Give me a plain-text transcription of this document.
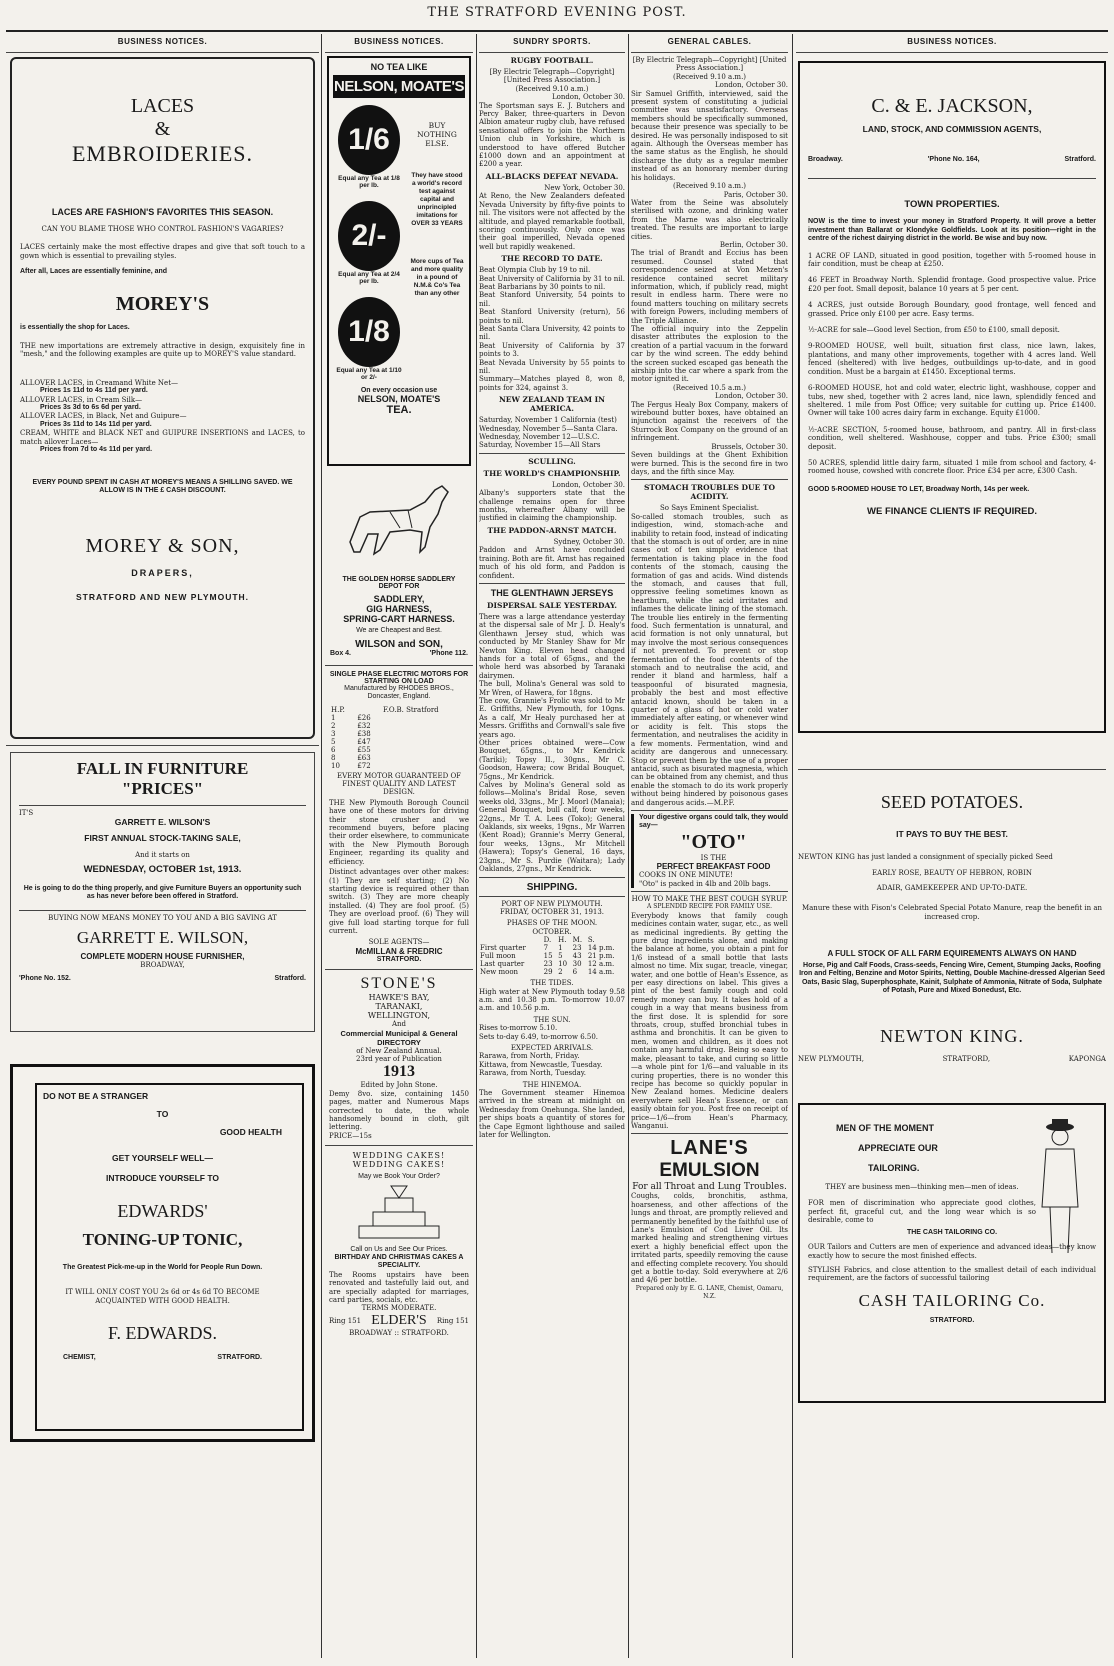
THE STRATFORD EVENING POST.
BUSINESS NOTICES.
LACES
&
EMBROIDERIES.
LACES ARE FASHION'S FAVORITES THIS SEASON.
CAN YOU BLAME THOSE WHO CONTROL FASHION'S VAGARIES?
LACES certainly make the most effective drapes and give that soft touch to a gown which is essential to prevailing styles.
After all, Laces are essentially feminine, and
MOREY'S
is essentially the shop for Laces.
THE new importations are extremely attractive in design, exquisitely fine in "mesh," and the following examples are quite up to MOREY'S value standard.
ALLOVER LACES, in Creamand White Net—
Prices 1s 11d to 4s 11d per yard.
ALLOVER LACES, in Cream Silk—
Prices 3s 3d to 6s 6d per yard.
ALLOVER LACES, in Black, Net and Guipure—
Prices 3s 11d to 14s 11d per yard.
CREAM, WHITE and BLACK NET and GUIPURE INSERTIONS and LACES, to match allover Laces—
Prices from 7d to 4s 11d per yard.
EVERY POUND SPENT IN CASH AT MOREY'S MEANS A SHILLING SAVED. WE ALLOW IS IN THE £ CASH DISCOUNT.
MOREY & SON,
DRAPERS,
STRATFORD AND NEW PLYMOUTH.
FALL IN FURNITURE
"PRICES"
IT'S
GARRETT E. WILSON'S
FIRST ANNUAL STOCK-TAKING SALE,
And it starts on
WEDNESDAY, OCTOBER 1st, 1913.
He is going to do the thing properly, and give Furniture Buyers an opportunity such as has never before been offered in Stratford.
BUYING NOW MEANS MONEY TO YOU AND A BIG SAVING AT
GARRETT E. WILSON,
COMPLETE MODERN HOUSE FURNISHER,
BROADWAY,
'Phone No. 152.	Stratford.
DO NOT BE A STRANGER
TO
GOOD HEALTH
GET YOURSELF WELL—
INTRODUCE YOURSELF TO
EDWARDS'
TONING-UP TONIC,
The Greatest Pick-me-up in the World for People Run Down.
IT WILL ONLY COST YOU 2s 6d or 4s 6d TO BECOME ACQUAINTED WITH GOOD HEALTH.
F. EDWARDS.
CHEMIST,	STRATFORD.
BUSINESS NOTICES.
NO TEA LIKE
NELSON, MOATE'S
1/6
Equal any Tea at 1/8 per lb.
2/-
Equal any Tea at 2/4 per lb.
1/8
Equal any Tea at 1/10 or 2/-
BUY NOTHING ELSE.
They have stood a world's record test against capital and unprincipled imitations for OVER 33 YEARS
More cups of Tea and more quality in a pound of N.M.& Co's Tea than any other
On every occasion use
NELSON, MOATE'S
TEA.
THE GOLDEN HORSE SADDLERY DEPOT FOR
SADDLERY,
GIG HARNESS,
SPRING-CART HARNESS.
We are Cheapest and Best.
WILSON and SON,
Box 4.	'Phone 112.
SINGLE PHASE ELECTRIC MOTORS FOR STARTING ON LOAD
Manufactured by RHODES BROS., Doncaster, England.
H.P.		F.O.B. Stratford
1	£26	
2	£32	
3	£38	
5	£47	
6	£55	
8	£63	
10	£72	
EVERY MOTOR GUARANTEED OF FINEST QUALITY AND LATEST DESIGN.
THE New Plymouth Borough Council have one of these motors for driving their stone crusher and we recommend buyers, before placing their order elsewhere, to communicate with the New Plymouth Borough Engineer, regarding its quality and efficiency.
Distinct advantages over other makes: (1) They are self starting; (2) No starting device is required other than switch. (3) They are more cheaply installed. (4) They are fool proof. (5) They are overload proof. (6) They will give full load starting torque for full current.
SOLE AGENTS—
McMILLAN & FREDRIC
STRATFORD.
STONE'S
HAWKE'S BAY,
TARANAKI,
WELLINGTON,
And
Commercial Municipal & General DIRECTORY
of New Zealand Annual.
23rd year of Publication
1913
Edited by John Stone.
Demy 8vo. size, containing 1450 pages, matter and Numerous Maps corrected to date, the whole handsomely bound in cloth, gilt lettering.
PRICE—15s
WEDDING CAKES! WEDDING CAKES!
May we Book Your Order?
Call on Us and See Our Prices.
BIRTHDAY AND CHRISTMAS CAKES A SPECIALITY.
The Rooms upstairs have been renovated and tastefully laid out, and are specially adapted for marriages, card parties, socials, etc.
TERMS MODERATE.
Ring 151 ELDER'S Ring 151
BROADWAY :: STRATFORD.
SUNDRY SPORTS.
RUGBY FOOTBALL.
[By Electric Telegraph—Copyright] [United Press Association.]
(Received 9.10 a.m.)
London, October 30.
The Sportsman says E. J. Butchers and Percy Baker, three-quarters in Devon Albion amateur rugby club, have refused sensational offers to join the Northern Union club in Yorkshire, which is understood to have offered Butcher £1000 down and an appointment at £200 a year.
ALL-BLACKS DEFEAT NEVADA.
New York, October 30.
At Reno, the New Zealanders defeated Nevada University by fifty-five points to nil. The visitors were not affected by the altitude, and played remarkable football, scoring continuously. Only once was their goal imperilled, Nevada opened well but rapidly weakened.
THE RECORD TO DATE.
Beat Olympia Club by 19 to nil.
Beat University of California by 31 to nil.
Beat Barbarians by 30 points to nil.
Beat Stanford University, 54 points to nil.
Beat Stanford University (return), 56 points to nil.
Beat Santa Clara University, 42 points to nil.
Beat University of California by 37 points to 3.
Beat Nevada University by 55 points to nil.
Summary—Matches played 8, won 8, points for 324, against 3.
NEW ZEALAND TEAM IN AMERICA.
Saturday, November 1 California (test)
Wednesday, November 5—Santa Clara.
Wednesday, November 12—U.S.C.
Saturday, November 15—All Stars
SCULLING.
THE WORLD'S CHAMPIONSHIP.
London, October 30.
Albany's supporters state that the challenge remains open for three months, whereafter Albany will be justified in claiming the championship.
THE PADDON-ARNST MATCH.
Sydney, October 30.
Paddon and Arnst have concluded training. Both are fit. Arnst has regained much of his old form, and Paddon is confident.
THE GLENTHAWN JERSEYS
DISPERSAL SALE YESTERDAY.
There was a large attendance yesterday at the dispersal sale of Mr J. D. Healy's Glenthawn Jersey stud, which was conducted by Mr Stanley Shaw for Mr Newton King. Eleven head changed hands for a total of 65gns., and the whole herd was absorbed by Taranaki dairymen.
The bull, Molina's General was sold to Mr Wren, of Hawera, for 18gns.
The cow, Grannie's Frolic was sold to Mr E. Griffiths, New Plymouth, for 10gns. As a calf, Mr Healy purchased her at Messrs. Griffiths and Cornwall's sale five years ago.
Other prices obtained were—Cow Bouquet, 65gns., to Mr Kendrick (Tariki); Topsy II., 30gns., Mr C. Goodson, Hawera; cow Bridal Bouquet, 75gns., Mr Kendrick.
Calves by Molina's General sold as follows—Molina's Bridal Rose, seven weeks old, 33gns., Mr J. Moorl (Manaia); General Bouquet, bull calf, four weeks, 22gns., Mr T. A. Lees (Toko); General Oaklands, six weeks, 19gns., Mr Warren (Kent Road); Grannie's Merry General, four weeks, 13gns., Mr Mitchell (Hawera); Topsy's General, 16 days, 23gns., Mr S. Purdie (Waitara); Lady Oaklands, 27gns., Mr Kendrick.
SHIPPING.
PORT OF NEW PLYMOUTH.
FRIDAY, OCTOBER 31, 1913.
PHASES OF THE MOON.
OCTOBER.
	D.	H.	M.	S.
First quarter	7	1	23	14 p.m.
Full moon	15	5	43	21 p.m.
Last quarter	23	10	30	12 a.m.
New moon	29	2	6	14 a.m.
THE TIDES.
High water at New Plymouth today 9.58 a.m. and 10.38 p.m. To-morrow 10.07 a.m. and 10.56 p.m.
THE SUN.
Rises to-morrow 5.10.
Sets to-day 6.49, to-morrow 6.50.
EXPECTED ARRIVALS.
Rarawa, from North, Friday.
Kittawa, from Newcastle, Tuesday.
Rarawa, from North, Tuesday.
THE HINEMOA.
The Government steamer Hinemoa arrived in the stream at midnight on Wednesday from Onehunga. She landed, per ships boats a quantity of stores for the Cape Egmont lighthouse and sailed later for Wellington.
GENERAL CABLES.
[By Electric Telegraph—Copyright] [United Press Association.]
(Received 9.10 a.m.)
London, October 30.
Sir Samuel Griffith, interviewed, said the present system of constituting a judicial committee was unsatisfactory. Overseas members should be specifically summoned, because their presence was specially to be desired. He was personally indisposed to sit again. Although the Overseas member has the same status as the English, he should discharge the duty as a regular member instead of as an honorary member during his holidays.
(Received 9.10 a.m.)
Paris, October 30.
Water from the Seine was absolutely sterilised with ozone, and drinking water from the Marne was also electrically treated. The results are important to large cities.
Berlin, October 30.
The trial of Brandt and Eccius has been resumed. Counsel stated that correspondence seized at Von Metzen's residence contained secret military information, which, if publicly read, might result in endless harm. There were no found matters touching on military secrets with foreign Powers, including members of the Triple Alliance.
The official inquiry into the Zeppelin disaster attributes the explosion to the creation of a partial vacuum in the forward car by the wind screen. The eddy behind the screen sucked escaped gas beneath the airship into the car where a spark from the motor ignited it.
(Received 10.5 a.m.)
London, October 30.
The Fergus Healy Box Company, makers of wirebound butter boxes, have obtained an injunction against the receivers of the Sturrock Box Company on the ground of an infringement.
Brussels, October 30.
Seven buildings at the Ghent Exhibition were burned. This is the second fire in two days, and the fifth since May.
STOMACH TROUBLES DUE TO ACIDITY.
So Says Eminent Specialist.
So-called stomach troubles, such as indigestion, wind, stomach-ache and inability to retain food, instead of indicating that the stomach is out of order, are in nine cases out of ten simply evidence that fermentation is taking place in the food contents of the stomach, causing the formation of gas and acids. Wind distends the stomach, and causes that full, oppressive feeling sometimes known as heartburn, while the acid irritates and inflames the delicate lining of the stomach. The trouble lies entirely in the fermenting food. Such fermentation is unnatural, and acid formation is not only unnatural, but may involve the most serious consequences if not prevented. To prevent or stop fermentation of the food contents of the stomach and to neutralise the acid, and render it bland and harmless, half a teaspoonful of bisurated magnesia, probably the best and most effective antacid known, should be taken in a quarter of a glass of hot or cold water immediately after eating, or whenever wind or acidity is felt. This stops the fermentation, and neutralises the acidity in a few moments. Fermentation, wind and acidity are dangerous and unnecessary. Stop or prevent them by the use of a proper antacid, such as bisurated magnesia, which can be obtained from any chemist, and thus enable the stomach to do its work properly without being hindered by poisonous gases and dangerous acids.—M.P.F.
Your digestive organs could talk, they would say—
"OTO"
IS THE
PERFECT BREAKFAST FOOD
COOKS IN ONE MINUTE!
"Oto" is packed in 4lb and 20lb bags.
HOW TO MAKE THE BEST COUGH SYRUP.
A SPLENDID RECIPE FOR FAMILY USE.
Everybody knows that family cough medicines contain water, sugar, etc., as well as medicinal ingredients. By getting the pure drug ingredients alone, and making the balance at home, you obtain a pint for 1/6 instead of a small bottle that lasts almost no time. Mix sugar, treacle, vinegar, water, and one bottle of Hean's Essence, as per easy directions on label. This gives a pint of the best family cough and cold remedy money can buy. It takes hold of a cough in a way that means business from the first dose. It is splendid for sore throats, croup, stuffed bronchial tubes in asthma and bronchitis. It can be given to men, women and children, as it does not contain any harmful drug. Being so easy to make, pleasant to take, and curing so little—a whole pint for 1/6—and valuable in its curing properties, there is no wonder this recipe has become so quickly popular in New Zealand homes. Medicine dealers everywhere sell Hean's Essence, or can easily obtain for you. Post free on receipt of price—1/6—from Hean's Pharmacy, Wanganui.
LANE'S
EMULSION
For all Throat and Lung Troubles.
Coughs, colds, bronchitis, asthma, hoarseness, and other affections of the lungs and throat, are promptly relieved and permanently benefited by the faithful use of Lane's Emulsion of Cod Liver Oil. Its marked healing and strengthening virtues exert a highly beneficial effect upon the irritated parts, speedily removing the cause and effecting complete recovery. You should get a bottle to-day. Sold everywhere at 2/6 and 4/6 per bottle.
Prepared only by E. G. LANE, Chemist, Oamaru, N.Z.
BUSINESS NOTICES.
C. & E. JACKSON,
LAND, STOCK, AND COMMISSION AGENTS,
Broadway.	'Phone No. 164,	Stratford.
TOWN PROPERTIES.
NOW is the time to invest your money in Stratford Property. It will prove a better investment than Ballarat or Klondyke Goldfields. Look at its position—right in the centre of the richest dairying district in the world. Be wise and buy now.
1 ACRE OF LAND, situated in good position, together with 5-roomed house in fair condition, must be cheap at £250.
46 FEET in Broadway North. Splendid frontage. Good prospective value. Price £20 per foot. Small deposit, balance 10 years at 5 per cent.
4 ACRES, just outside Borough Boundary, good frontage, well fenced and grassed. Price only £100 per acre. Easy terms.
½-ACRE for sale—Good level Section, from £50 to £100, small deposit.
9-ROOMED HOUSE, well built, situation first class, nice lawn, lakes, plantations, and many other improvements, together with 4 acres land. Well fenced (sheltered) with live hedges, outbuildings up-to-date, and in good condition. Must be a bargain at £1450. Exceptional terms.
6-ROOMED HOUSE, hot and cold water, electric light, washhouse, copper and tubs, new shed, together with 2 acres land, nice lawn, splendidly fenced and sheltered. 1 mile from Post Office; very suitable for cutting up. Price £1400. Owner will take 100 acres dairy farm in exchange. Equity £1000.
½-ACRE SECTION, 5-roomed house, bathroom, and pantry. All in first-class condition, well sheltered. Washhouse, copper and tubs. Price £300; small deposit.
50 ACRES, splendid little dairy farm, situated 1 mile from school and factory, 4-roomed house, cowshed with concrete floor. Price £34 per acre, £300 Cash.
GOOD 5-ROOMED HOUSE TO LET, Broadway North, 14s per week.
WE FINANCE CLIENTS IF REQUIRED.
SEED POTATOES.
IT PAYS TO BUY THE BEST.
NEWTON KING has just landed a consignment of specially picked Seed
EARLY ROSE, BEAUTY OF HEBRON, ROBIN
ADAIR, GAMEKEEPER AND UP-TO-DATE.
Manure these with Fison's Celebrated Special Potato Manure, reap the benefit in an increased crop.
A FULL STOCK OF ALL FARM EQUIREMENTS ALWAYS ON HAND
Horse, Pig and Calf Foods, Crass-seeds, Fencing Wire, Cement, Stumping Jacks, Roofing Iron and Felting, Benzine and Motor Spirits, Netting, Double Machine-dressed Algerian Seed Oats, Basic Slag, Superphosphate, Kainit, Sulphate of Ammonia, Nitrate of Soda, Sulphate of Potash, Pure and Mixed Bonedust, Etc.
NEWTON KING.
NEW PLYMOUTH,	STRATFORD,	KAPONGA
MEN OF THE MOMENT
APPRECIATE OUR
TAILORING.
THEY are business men—thinking men—men of ideas.
FOR men of discrimination who appreciate good clothes, perfect fit, graceful cut, and the long wear which is so desirable, come to
THE CASH TAILORING CO.
OUR Tailors and Cutters are men of experience and advanced ideas—they know exactly how to secure the most finished effects.
STYLISH Fabrics, and close attention to the smallest detail of each individual requirement, are the factors of successful tailoring
CASH TAILORING Co.
STRATFORD.
